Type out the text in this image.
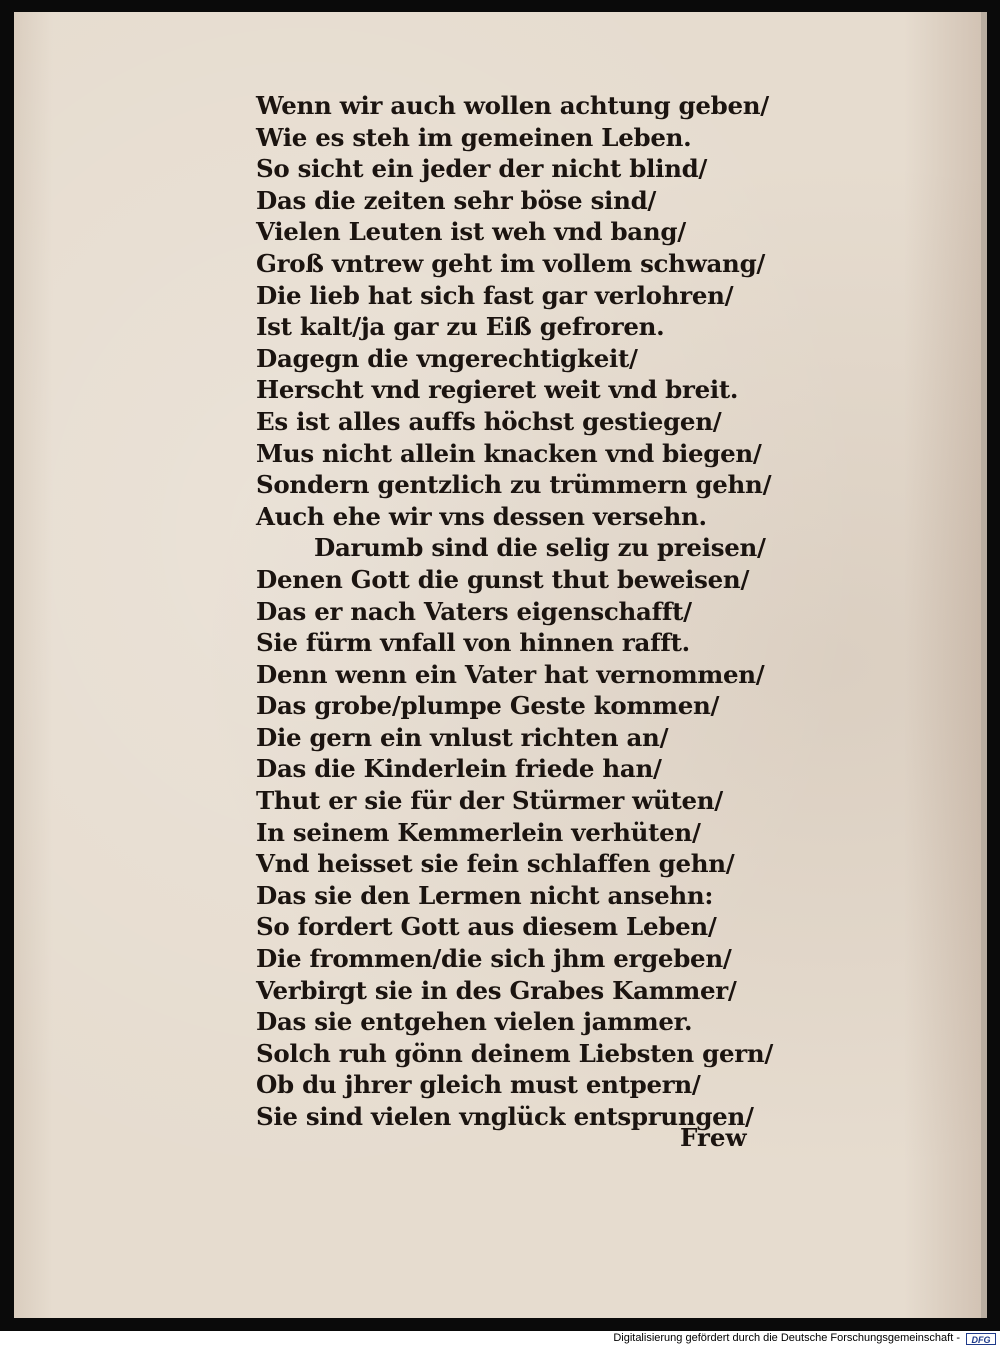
Wenn wir auch wollen achtung geben/
Wie es steh im gemeinen Leben.
So sicht ein jeder der nicht blind/
Das die zeiten sehr böse sind/
Vielen Leuten ist weh vnd bang/
Groß vntrew geht im vollem schwang/
Die lieb hat sich fast gar verlohren/
Ist kalt/ja gar zu Eiß gefroren.
Dagegn die vngerechtigkeit/
Herscht vnd regieret weit vnd breit.
Es ist alles auffs höchst gestiegen/
Mus nicht allein knacken vnd biegen/
Sondern gentzlich zu trümmern gehn/
Auch ehe wir vns dessen versehn.
Darumb sind die selig zu preisen/
Denen Gott die gunst thut beweisen/
Das er nach Vaters eigenschafft/
Sie fürm vnfall von hinnen rafft.
Denn wenn ein Vater hat vernommen/
Das grobe/plumpe Geste kommen/
Die gern ein vnlust richten an/
Das die Kinderlein friede han/
Thut er sie für der Stürmer wüten/
In seinem Kemmerlein verhüten/
Vnd heisset sie fein schlaffen gehn/
Das sie den Lermen nicht ansehn:
So fordert Gott aus diesem Leben/
Die frommen/die sich jhm ergeben/
Verbirgt sie in des Grabes Kammer/
Das sie entgehen vielen jammer.
Solch ruh gönn deinem Liebsten gern/
Ob du jhrer gleich must entpern/
Sie sind vielen vnglück entsprungen/
Frew
Digitalisierung gefördert durch die Deutsche Forschungsgemeinschaft -	DFG
